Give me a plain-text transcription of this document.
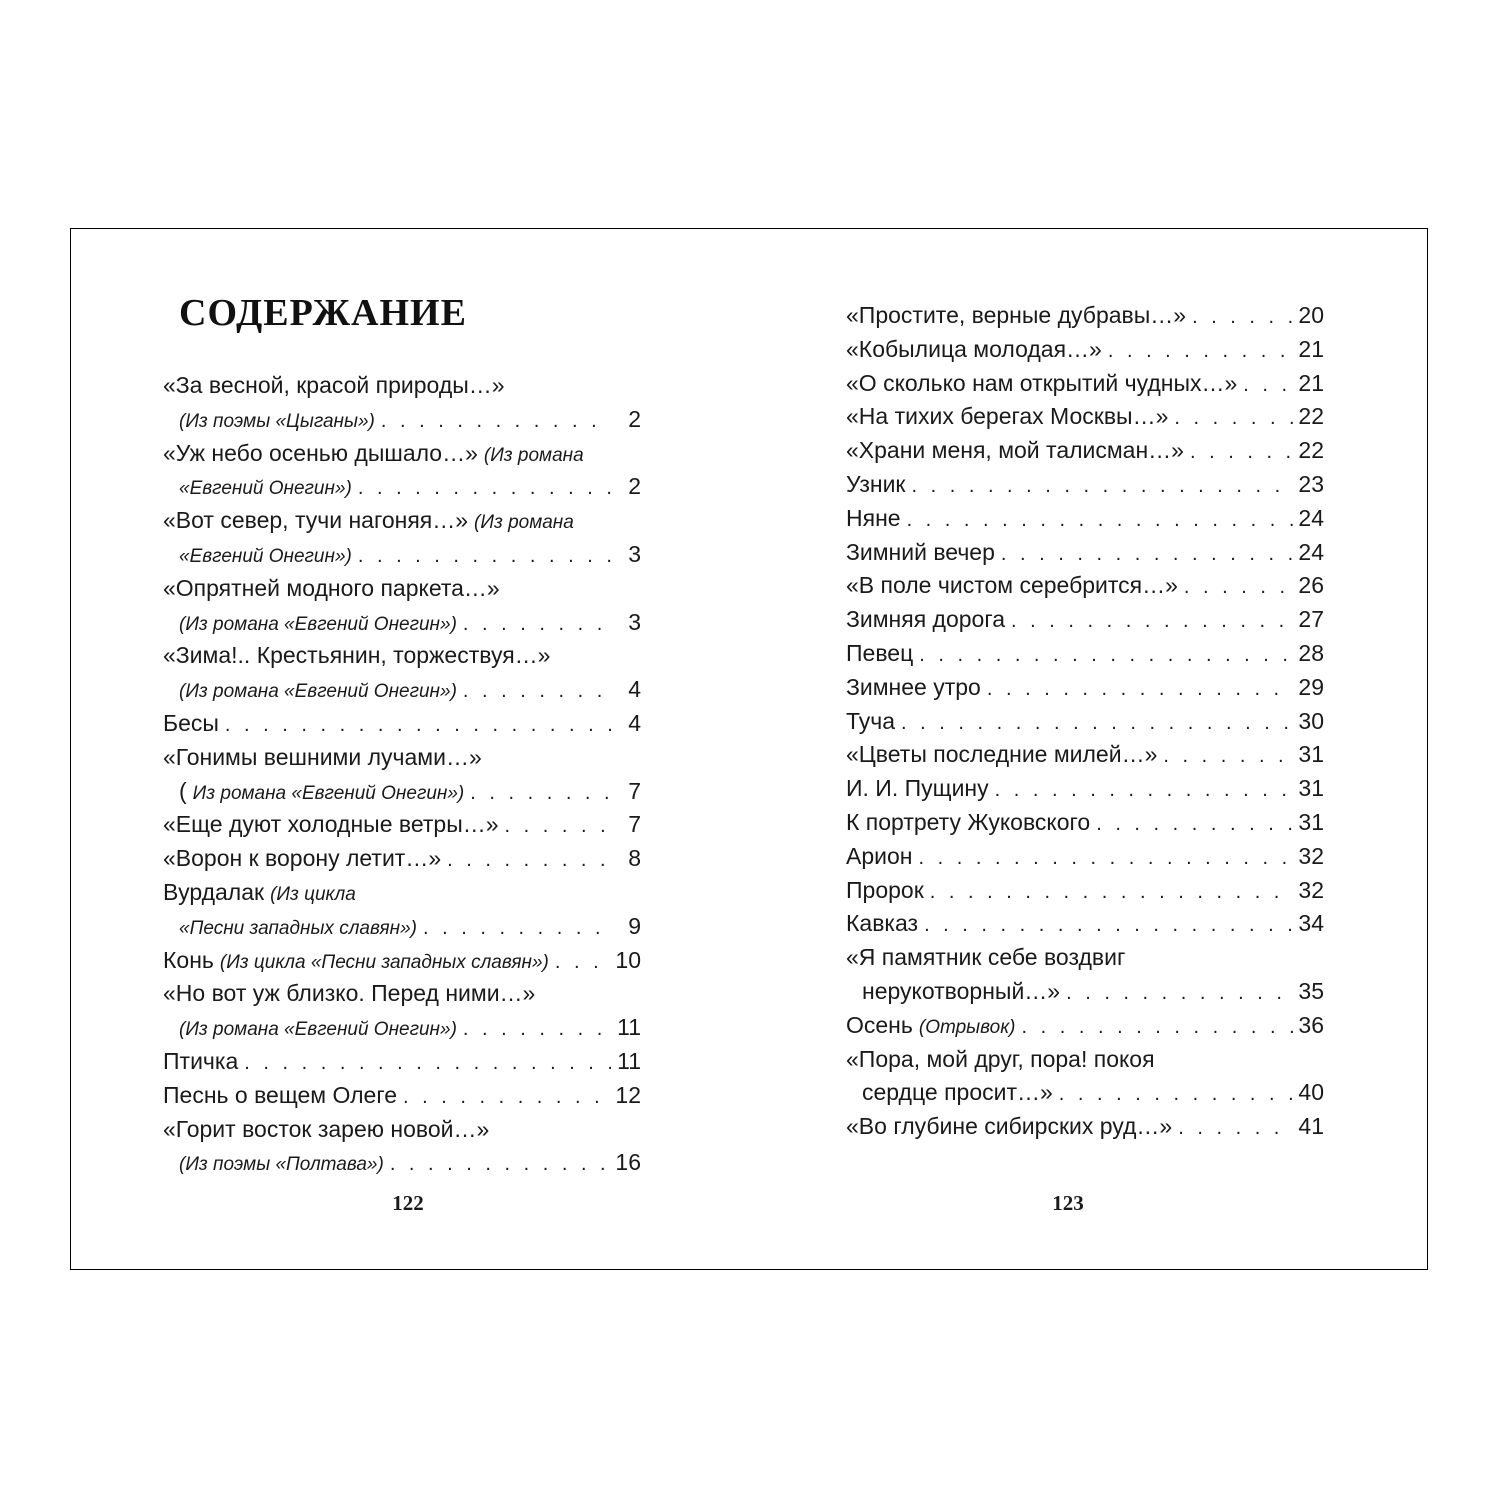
СОДЕРЖАНИЕ
«За весной, красой природы…»
(Из поэмы «Цыганы») . . .	2
«Уж небо осенью дышало…» (Из романа
«Евгений Онегин») . . .	2
«Вот север, тучи нагоняя…» (Из романа
«Евгений Онегин») . . .	3
«Опрятней модного паркета…»
(Из романа «Евгений Онегин») . . .	3
«Зима!.. Крестьянин, торжествуя…»
(Из романа «Евгений Онегин») . . .	4
Бесы . . .	4
«Гонимы вешними лучами…»
( Из романа «Евгений Онегин») . . .	7
«Еще дуют холодные ветры…» . . .	7
«Ворон к ворону летит…» . . .	8
Вурдалак (Из цикла
«Песни западных славян») . . .	9
Конь (Из цикла «Песни западных славян») . . .	10
«Но вот уж близко. Перед ними…»
(Из романа «Евгений Онегин») . . .	11
Птичка . . .	11
Песнь о вещем Олеге . . .	12
«Горит восток зарею новой…»
(Из поэмы «Полтава») . . .	16

122

«Простите, верные дубравы…» . . .	20
«Кобылица молодая…» . . .	21
«О сколько нам открытий чудных…» . . .	21
«На тихих берегах Москвы…» . . .	22
«Храни меня, мой талисман…» . . .	22
Узник . . .	23
Няне . . .	24
Зимний вечер . . .	24
«В поле чистом серебрится…» . . .	26
Зимняя дорога . . .	27
Певец . . .	28
Зимнее утро . . .	29
Туча . . .	30
«Цветы последние милей…» . . .	31
И. И. Пущину . . .	31
К портрету Жуковского . . .	31
Арион . . .	32
Пророк . . .	32
Кавказ . . .	34
«Я памятник себе воздвиг
нерукотворный…» . . .	35
Осень (Отрывок) . . .	36
«Пора, мой друг, пора! покоя
сердце просит…» . . .	40
«Во глубине сибирских руд…» . . .	41

123
